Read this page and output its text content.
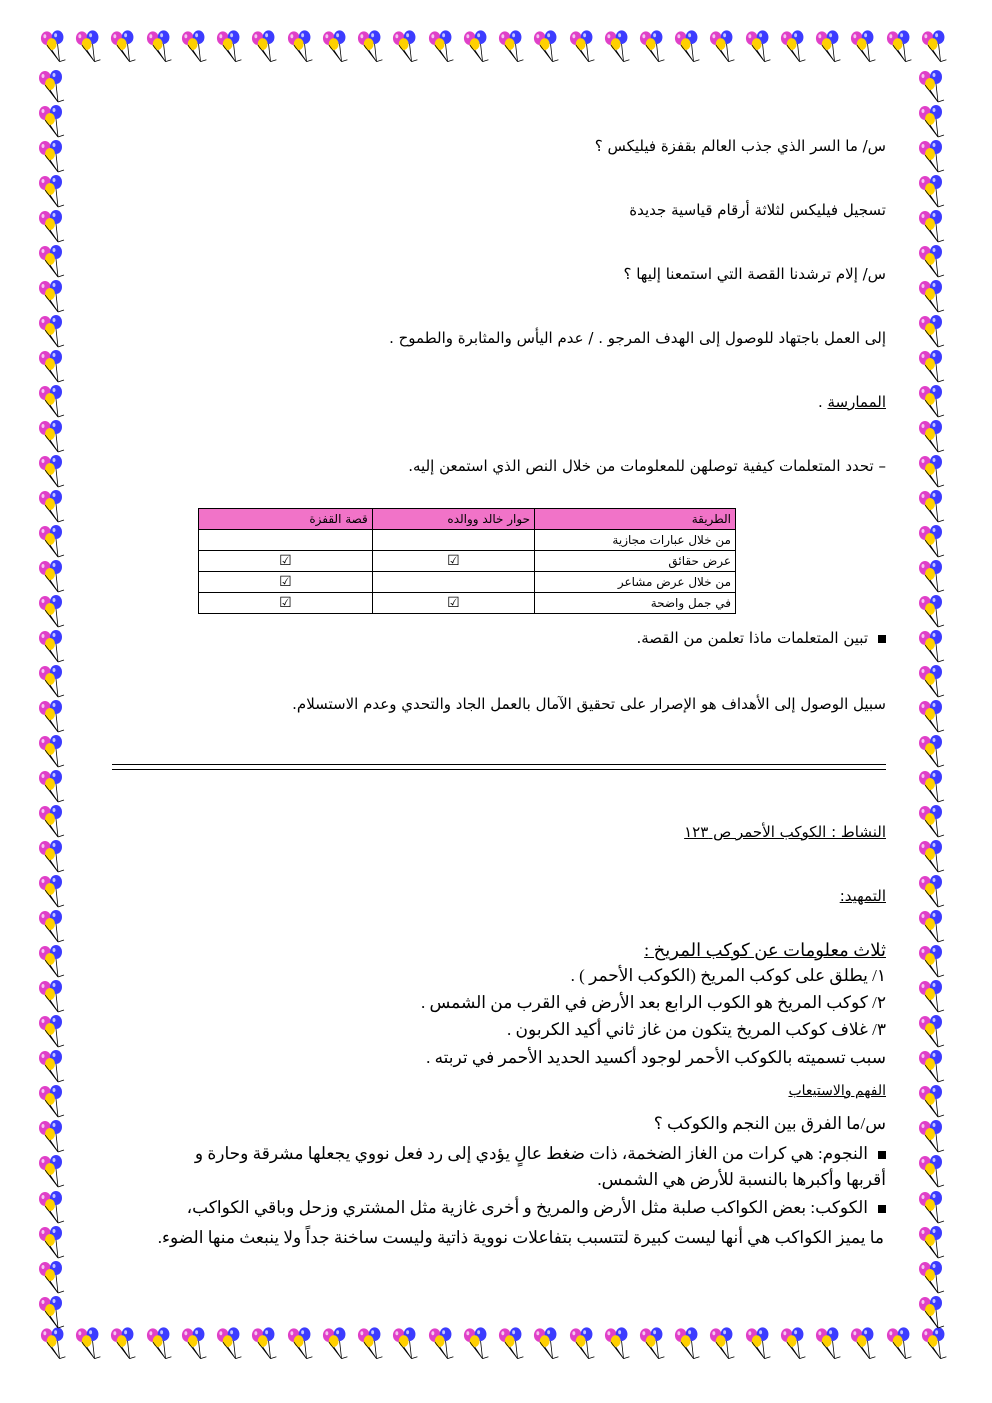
س/ ما السر الذي جذب العالم بقفزة فيليكس ؟
تسجيل فيليكس لثلاثة أرقام قياسية جديدة
س/ إلام ترشدنا القصة التي استمعنا إليها ؟
إلى العمل باجتهاد للوصول إلى الهدف المرجو . / عدم اليأس والمثابرة والطموح .
الممارسة .
– تحدد المتعلمات كيفية توصلهن للمعلومات من خلال النص الذي استمعن إليه.
الطريقة	حوار خالد ووالده	قصة القفزة
من خلال عبارات مجازية		
عرض حقائق	☑	☑
من خلال عرض مشاعر		☑
في جمل واضحة	☑	☑
تبين المتعلمات ماذا تعلمن من القصة.
سبيل الوصول إلى الأهداف هو الإصرار على تحقيق الآمال بالعمل الجاد والتحدي وعدم الاستسلام.
النشاط : الكوكب الأحمر ص ١٢٣
التمهيد:
ثلاث معلومات عن كوكب المريخ :
١/ يطلق على كوكب المريخ (الكوكب الأحمر ) .
٢/ كوكب المريخ هو الكوب الرابع بعد الأرض في القرب من الشمس .
٣/ غلاف كوكب المريخ يتكون من غاز ثاني أكيد الكربون .
سبب تسميته بالكوكب الأحمر لوجود أكسيد الحديد الأحمر في تربته .
الفهم والاستيعاب
س/ما الفرق بين النجم والكوكب ؟
النجوم: هي كرات من الغاز الضخمة، ذات ضغط عالٍ يؤدي إلى رد فعل نووي يجعلها مشرقة وحارة و
أقربها وأكبرها بالنسبة للأرض هي الشمس.
الكوكب: بعض الكواكب صلبة مثل الأرض والمريخ و أخرى غازية مثل المشتري وزحل وباقي الكواكب،
ما يميز الكواكب هي أنها ليست كبيرة لتتسبب بتفاعلات نووية ذاتية وليست ساخنة جداً ولا ينبعث منها الضوء.
